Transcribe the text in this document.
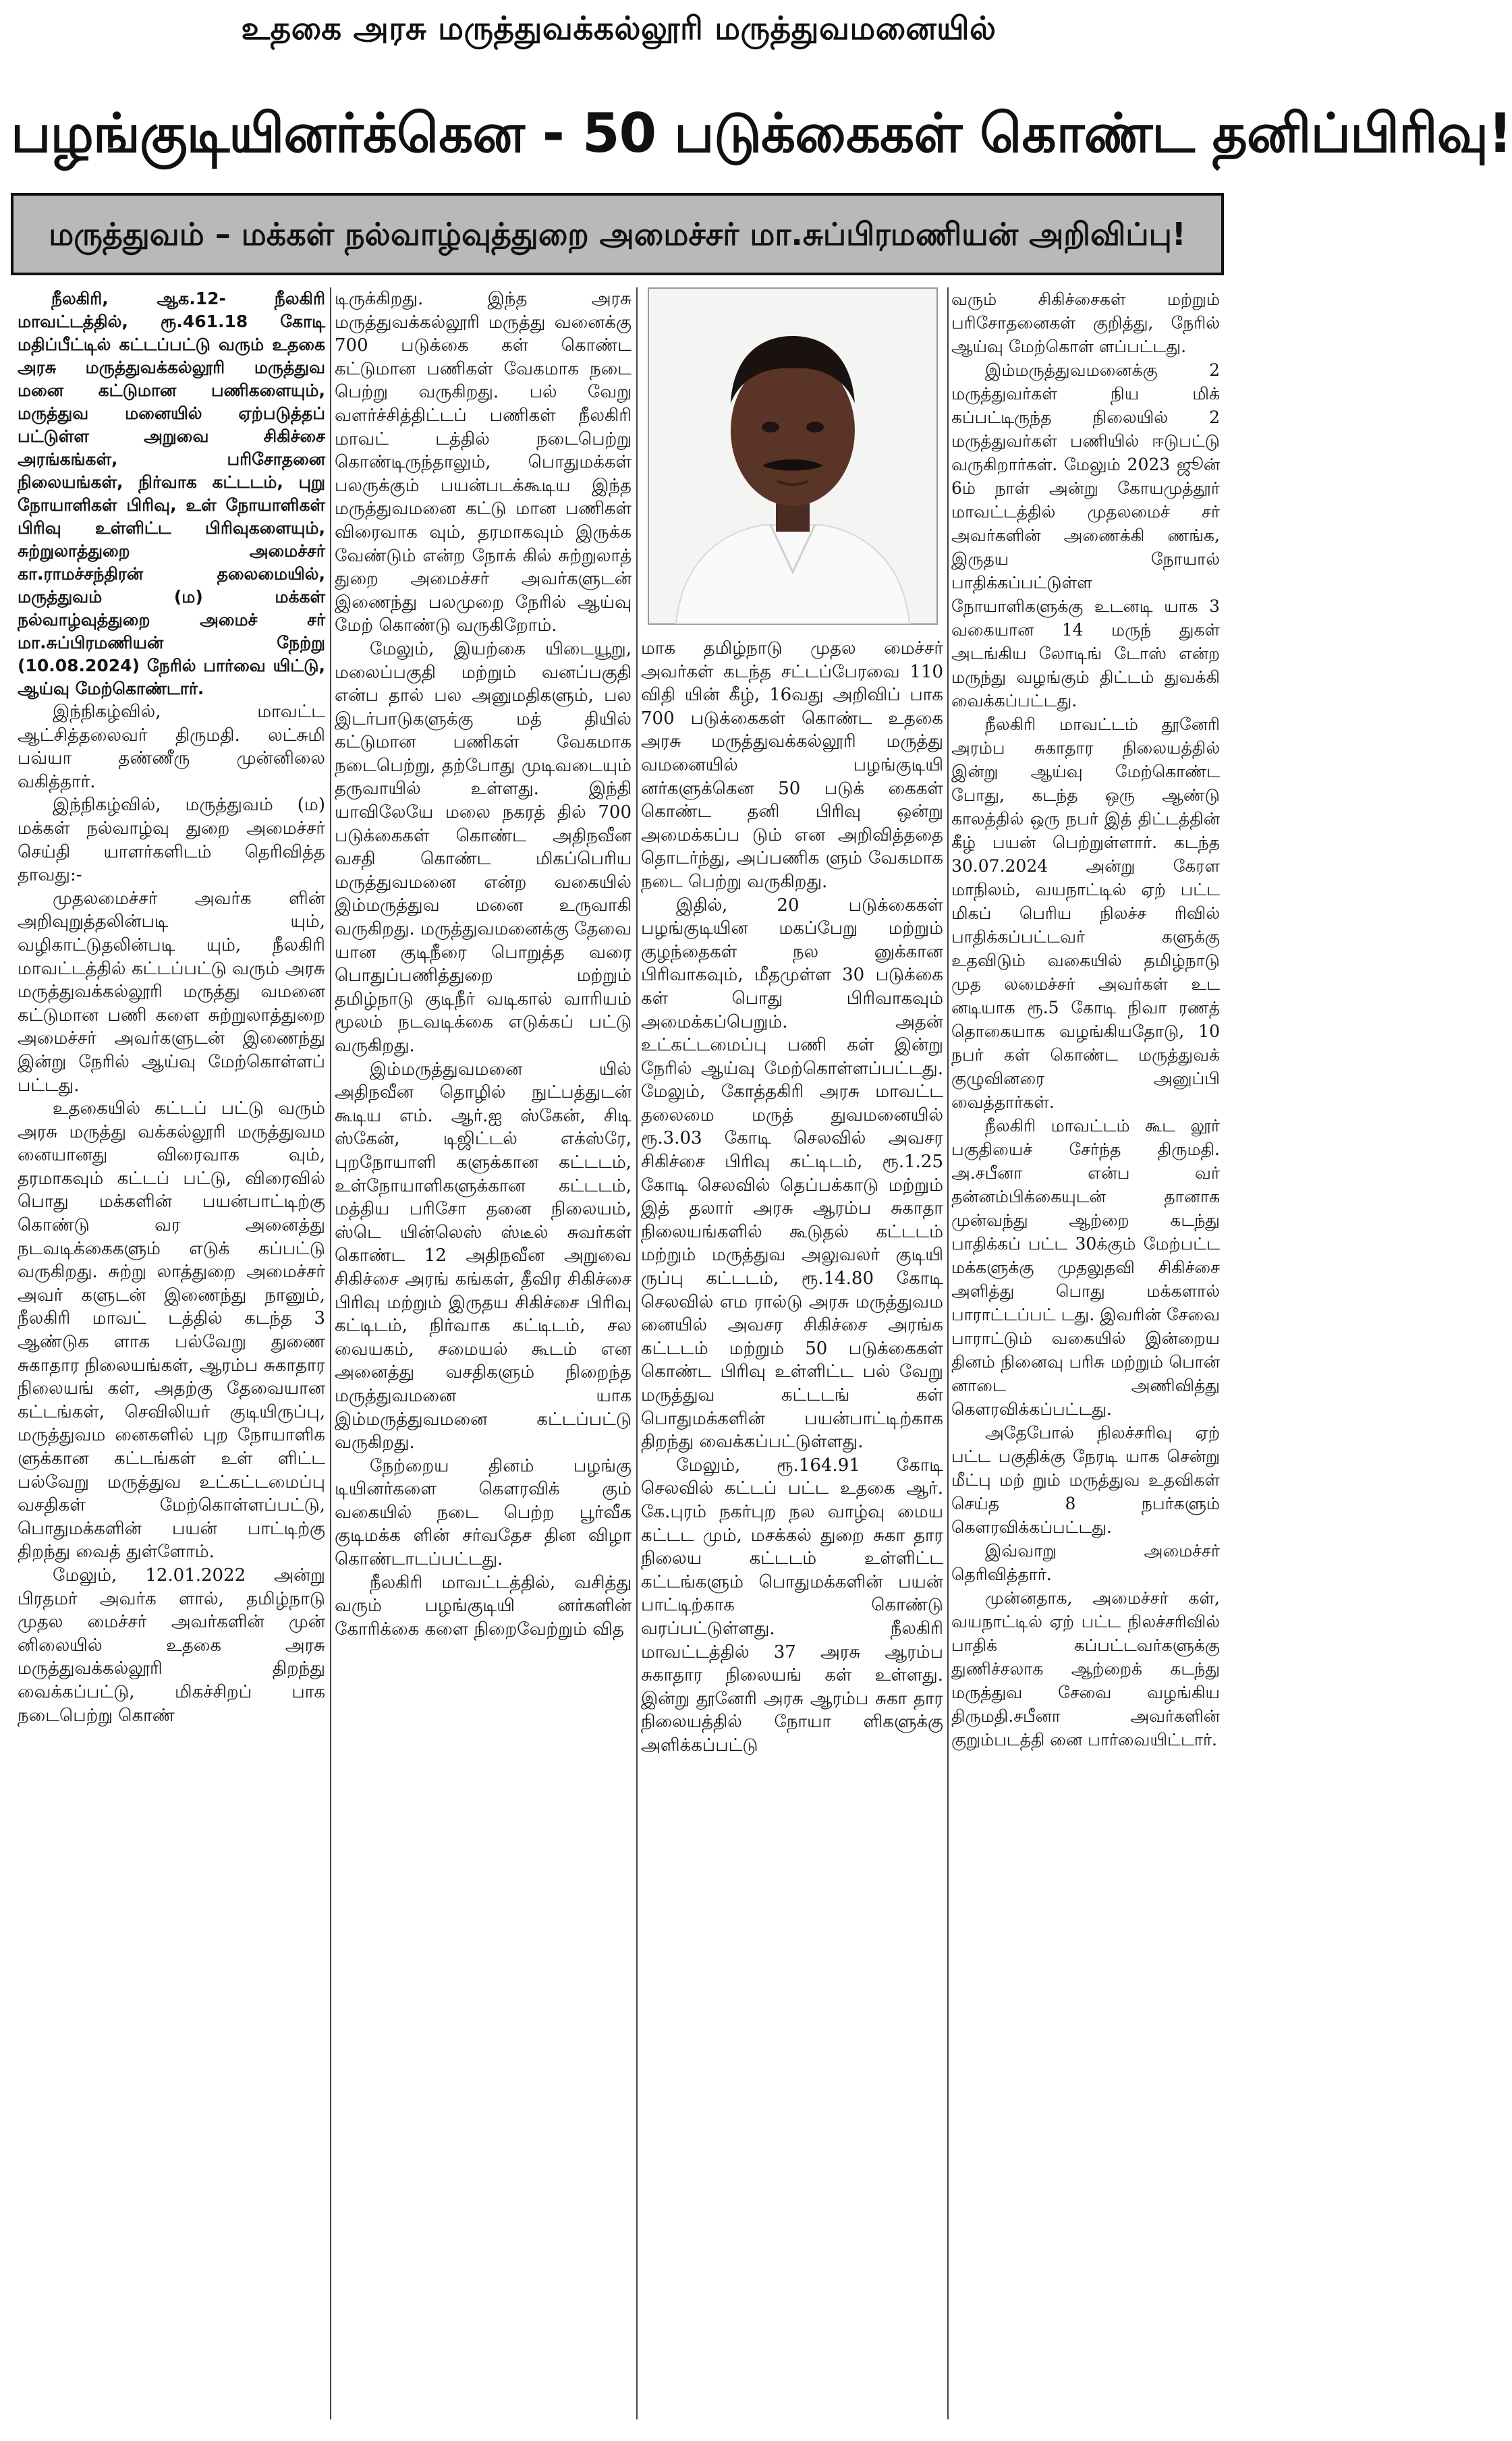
உதகை அரசு மருத்துவக்கல்லூரி மருத்துவமனையில்
பழங்குடியினர்க்கென - 50 படுக்கைகள் கொண்ட தனிப்பிரிவு!
மருத்துவம் – மக்கள் நல்வாழ்வுத்துறை அமைச்சர் மா.சுப்பிரமணியன் அறிவிப்பு!

நீலகிரி, ஆக.12- நீலகிரி மாவட்டத்தில், ரூ.461.18 கோடி மதிப்பீட்டில் கட்டப்பட்டு வரும் உதகை அரசு மருத்துவக்கல்லூரி மருத்துவ மனை கட்டுமான பணிகளையும், மருத்துவ மனையில் ஏற்படுத்தப் பட்டுள்ள அறுவை சிகிச்சை அரங்கங்கள், பரிசோதனை நிலையங்கள், நிர்வாக கட்டடம், புறு நோயாளிகள் பிரிவு, உள் நோயாளிகள் பிரிவு உள்ளிட்ட பிரிவுகளையும், சுற்றுலாத்துறை அமைச்சர் கா.ராமச்சந்திரன் தலைமையில், மருத்துவம் (ம) மக்கள் நல்வாழ்வுத்துறை அமைச் சர் மா.சுப்பிரமணியன் நேற்று (10.08.2024) நேரில் பார்வை யிட்டு, ஆய்வு மேற்கொண்டார்.

இந்நிகழ்வில், மாவட்ட ஆட்சித்தலைவர் திருமதி. லட்சுமி பவ்யா தண்ணீரு முன்னிலை வகித்தார்.

இந்நிகழ்வில், மருத்துவம் (ம) மக்கள் நல்வாழ்வு துறை அமைச்சர் செய்தி யாளர்களிடம் தெரிவித்த தாவது:-

முதலமைச்சர் அவர்க ளின் அறிவுறுத்தலின்படி யும், வழிகாட்டுதலின்படி யும், நீலகிரி மாவட்டத்தில் கட்டப்பட்டு வரும் அரசு மருத்துவக்கல்லூரி மருத்து வமனை கட்டுமான பணி களை சுற்றுலாத்துறை அமைச்சர் அவர்களுடன் இணைந்து இன்று நேரில் ஆய்வு மேற்கொள்ளப் பட்டது.

உதகையில் கட்டப் பட்டு வரும் அரசு மருத்து வக்கல்லூரி மருத்துவம னையானது விரைவாக வும், தரமாகவும் கட்டப் பட்டு, விரைவில் பொது மக்களின் பயன்பாட்டிற்கு கொண்டு வர அனைத்து நடவடிக்கைகளும் எடுக் கப்பட்டு வருகிறது. சுற்று லாத்துறை அமைச்சர் அவர் களுடன் இணைந்து நானும், நீலகிரி மாவட் டத்தில் கடந்த 3 ஆண்டுக ளாக பல்வேறு துணை சுகாதார நிலையங்கள், ஆரம்ப சுகாதார நிலையங் கள், அதற்கு தேவையான கட்டங்கள், செவிலியர் குடியிருப்பு, மருத்துவம னைகளில் புற நோயாளிக ளுக்கான கட்டங்கள் உள் ளிட்ட பல்வேறு மருத்துவ உட்கட்டமைப்பு வசதிகள் மேற்கொள்ளப்பட்டு, பொதுமக்களின் பயன் பாட்டிற்கு திறந்து வைத் துள்ளோம்.

மேலும், 12.01.2022 அன்று பிரதமர் அவர்க ளால், தமிழ்நாடு முதல மைச்சர் அவர்களின் முன் னிலையில் உதகை அரசு மருத்துவக்கல்லூரி திறந்து வைக்கப்பட்டு, மிகச்சிறப் பாக நடைபெற்று கொண்

டிருக்கிறது. இந்த அரசு மருத்துவக்கல்லூரி மருத்து வனைக்கு 700 படுக்கை கள் கொண்ட கட்டுமான பணிகள் வேகமாக நடை பெற்று வருகிறது. பல் வேறு வளர்ச்சித்திட்டப் பணிகள் நீலகிரி மாவட் டத்தில் நடைபெற்று கொண்டிருந்தாலும், பொதுமக்கள் பலருக்கும் பயன்படக்கூடிய இந்த மருத்துவமனை கட்டு மான பணிகள் விரைவாக வும், தரமாகவும் இருக்க வேண்டும் என்ற நோக் கில் சுற்றுலாத் துறை அமைச்சர் அவர்களுடன் இணைந்து பலமுறை நேரில் ஆய்வு மேற் கொண்டு வருகிறோம்.

மேலும், இயற்கை யிடையூறு, மலைப்பகுதி மற்றும் வனப்பகுதி என்ப தால் பல அனுமதிகளும், பல இடர்பாடுகளுக்கு மத் தியில் கட்டுமான பணிகள் வேகமாக நடைபெற்று, தற்போது முடிவடையும் தருவாயில் உள்ளது. இந்தி யாவிலேயே மலை நகரத் தில் 700 படுக்கைகள் கொண்ட அதிநவீன வசதி கொண்ட மிகப்பெரிய மருத்துவமனை என்ற வகையில் இம்மருத்துவ மனை உருவாகி வருகிறது. மருத்துவமனைக்கு தேவை யான குடிநீரை பொறுத்த வரை பொதுப்பணித்துறை மற்றும் தமிழ்நாடு குடிநீர் வடிகால் வாரியம் மூலம் நடவடிக்கை எடுக்கப் பட்டு வருகிறது.

இம்மருத்துவமனை யில் அதிநவீன தொழில் நுட்பத்துடன் கூடிய எம். ஆர்.ஐ ஸ்கேன், சிடி ஸ்கேன், டிஜிட்டல் எக்ஸ்ரே, புறநோயாளி களுக்கான கட்டடம், உள்நோயாளிகளுக்கான கட்டடம், மத்திய பரிசோ தனை நிலையம், ஸ்டெ யின்லெஸ் ஸ்டீல் சுவர்கள் கொண்ட 12 அதிநவீன அறுவை சிகிச்சை அரங் கங்கள், தீவிர சிகிச்சை பிரிவு மற்றும் இருதய சிகிச்சை பிரிவு கட்டிடம், நிர்வாக கட்டிடம், சல வையகம், சமையல் கூடம் என அனைத்து வசதிகளும் நிறைந்த மருத்துவமனை யாக இம்மருத்துவமனை கட்டப்பட்டு வருகிறது.

நேற்றைய தினம் பழங்கு டியினர்களை கௌரவிக் கும் வகையில் நடை பெற்ற பூர்வீக குடிமக்க ளின் சர்வதேச தின விழா கொண்டாடப்பட்டது.

நீலகிரி மாவட்டத்தில், வசித்து வரும் பழங்குடியி னர்களின் கோரிக்கை களை நிறைவேற்றும் வித

மாக தமிழ்நாடு முதல மைச்சர் அவர்கள் கடந்த சட்டப்பேரவை 110 விதி யின் கீழ், 16வது அறிவிப் பாக 700 படுக்கைகள் கொண்ட உதகை அரசு மருத்துவக்கல்லூரி மருத்து வமனையில் பழங்குடியி னர்களுக்கென 50 படுக் கைகள் கொண்ட தனி பிரிவு ஒன்று அமைக்கப்ப டும் என அறிவித்ததை தொடர்ந்து, அப்பணிக ளும் வேகமாக நடை பெற்று வருகிறது.

இதில், 20 படுக்கைகள் பழங்குடியின மகப்பேறு மற்றும் குழந்தைகள் நல னுக்கான பிரிவாகவும், மீதமுள்ள 30 படுக்கை கள் பொது பிரிவாகவும் அமைக்கப்பெறும். அதன் உட்கட்டமைப்பு பணி கள் இன்று நேரில் ஆய்வு மேற்கொள்ளப்பட்டது. மேலும், கோத்தகிரி அரசு மாவட்ட தலைமை மருத் துவமனையில் ரூ.3.03 கோடி செலவில் அவசர சிகிச்சை பிரிவு கட்டிடம், ரூ.1.25 கோடி செலவில் தெப்பக்காடு மற்றும் இத் தலார் அரசு ஆரம்ப சுகாதா நிலையங்களில் கூடுதல் கட்டடம் மற்றும் மருத்துவ அலுவலர் குடியி ருப்பு கட்டடம், ரூ.14.80 கோடி செலவில் எம ரால்டு அரசு மருத்துவம னையில் அவசர சிகிச்சை அரங்க கட்டடம் மற்றும் 50 படுக்கைகள் கொண்ட பிரிவு உள்ளிட்ட பல் வேறு மருத்துவ கட்டடங் கள் பொதுமக்களின் பயன்பாட்டிற்காக திறந்து வைக்கப்பட்டுள்ளது.

மேலும், ரூ.164.91 கோடி செலவில் கட்டப் பட்ட உதகை ஆர். கே.புரம் நகர்புற நல வாழ்வு மைய கட்டட மும், மசக்கல் துறை சுகா தார நிலைய கட்டடம் உள்ளிட்ட கட்டங்களும் பொதுமக்களின் பயன் பாட்டிற்காக கொண்டு வரப்பட்டுள்ளது. நீலகிரி மாவட்டத்தில் 37 அரசு ஆரம்ப சுகாதார நிலையங் கள் உள்ளது. இன்று தூனேரி அரசு ஆரம்ப சுகா தார நிலையத்தில் நோயா ளிகளுக்கு அளிக்கப்பட்டு

வரும் சிகிச்சைகள் மற்றும் பரிசோதனைகள் குறித்து, நேரில் ஆய்வு மேற்கொள் ளப்பட்டது.

இம்மருத்துவமனைக்கு 2 மருத்துவர்கள் நிய மிக் கப்பட்டிருந்த நிலையில் 2 மருத்துவர்கள் பணியில் ஈடுபட்டு வருகிறார்கள். மேலும் 2023 ஜூன் 6ம் நாள் அன்று கோயமுத்தூர் மாவட்டத்தில் முதலமைச் சர் அவர்களின் அணைக்கி ணங்க, இருதய நோயால் பாதிக்கப்பட்டுள்ள நோயாளிகளுக்கு உடனடி யாக 3 வகையான 14 மருந் துகள் அடங்கிய லோடிங் டோஸ் என்ற மருந்து வழங்கும் திட்டம் துவக்கி வைக்கப்பட்டது.

நீலகிரி மாவட்டம் தூனேரி அரம்ப சுகாதார நிலையத்தில் இன்று ஆய்வு மேற்கொண்ட போது, கடந்த ஒரு ஆண்டு காலத்தில் ஒரு நபர் இத் திட்டத்தின் கீழ் பயன் பெற்றுள்ளார். கடந்த 30.07.2024 அன்று கேரள மாநிலம், வயநாட்டில் ஏற் பட்ட மிகப் பெரிய நிலச்ச ரிவில் பாதிக்கப்பட்டவர் களுக்கு உதவிடும் வகையில் தமிழ்நாடு முத லமைச்சர் அவர்கள் உட னடியாக ரூ.5 கோடி நிவா ரணத் தொகையாக வழங்கியதோடு, 10 நபர் கள் கொண்ட மருத்துவக் குழுவினரை அனுப்பி வைத்தார்கள்.

நீலகிரி மாவட்டம் கூட லூர் பகுதியைச் சேர்ந்த திருமதி. அ.சபீனா என்ப வர் தன்னம்பிக்கையுடன் தானாக முன்வந்து ஆற்றை கடந்து பாதிக்கப் பட்ட 30க்கும் மேற்பட்ட மக்களுக்கு முதலுதவி சிகிச்சை அளித்து பொது மக்களால் பாராட்டப்பட் டது. இவரின் சேவை பாராட்டும் வகையில் இன்றைய தினம் நினைவு பரிசு மற்றும் பொன் னாடை அணிவித்து கௌரவிக்கப்பட்டது.

அதேபோல் நிலச்சரிவு ஏற் பட்ட பகுதிக்கு நேரடி யாக சென்று மீட்பு மற் றும் மருத்துவ உதவிகள் செய்த 8 நபர்களும் கௌரவிக்கப்பட்டது.

இவ்வாறு அமைச்சர் தெரிவித்தார்.

முன்னதாக, அமைச்சர் கள், வயநாட்டில் ஏற் பட்ட நிலச்சரிவில் பாதிக் கப்பட்டவர்களுக்கு துணிச்சலாக ஆற்றைக் கடந்து மருத்துவ சேவை வழங்கிய திருமதி.சபீனா அவர்களின் குறும்படத்தி னை பார்வையிட்டார்.
